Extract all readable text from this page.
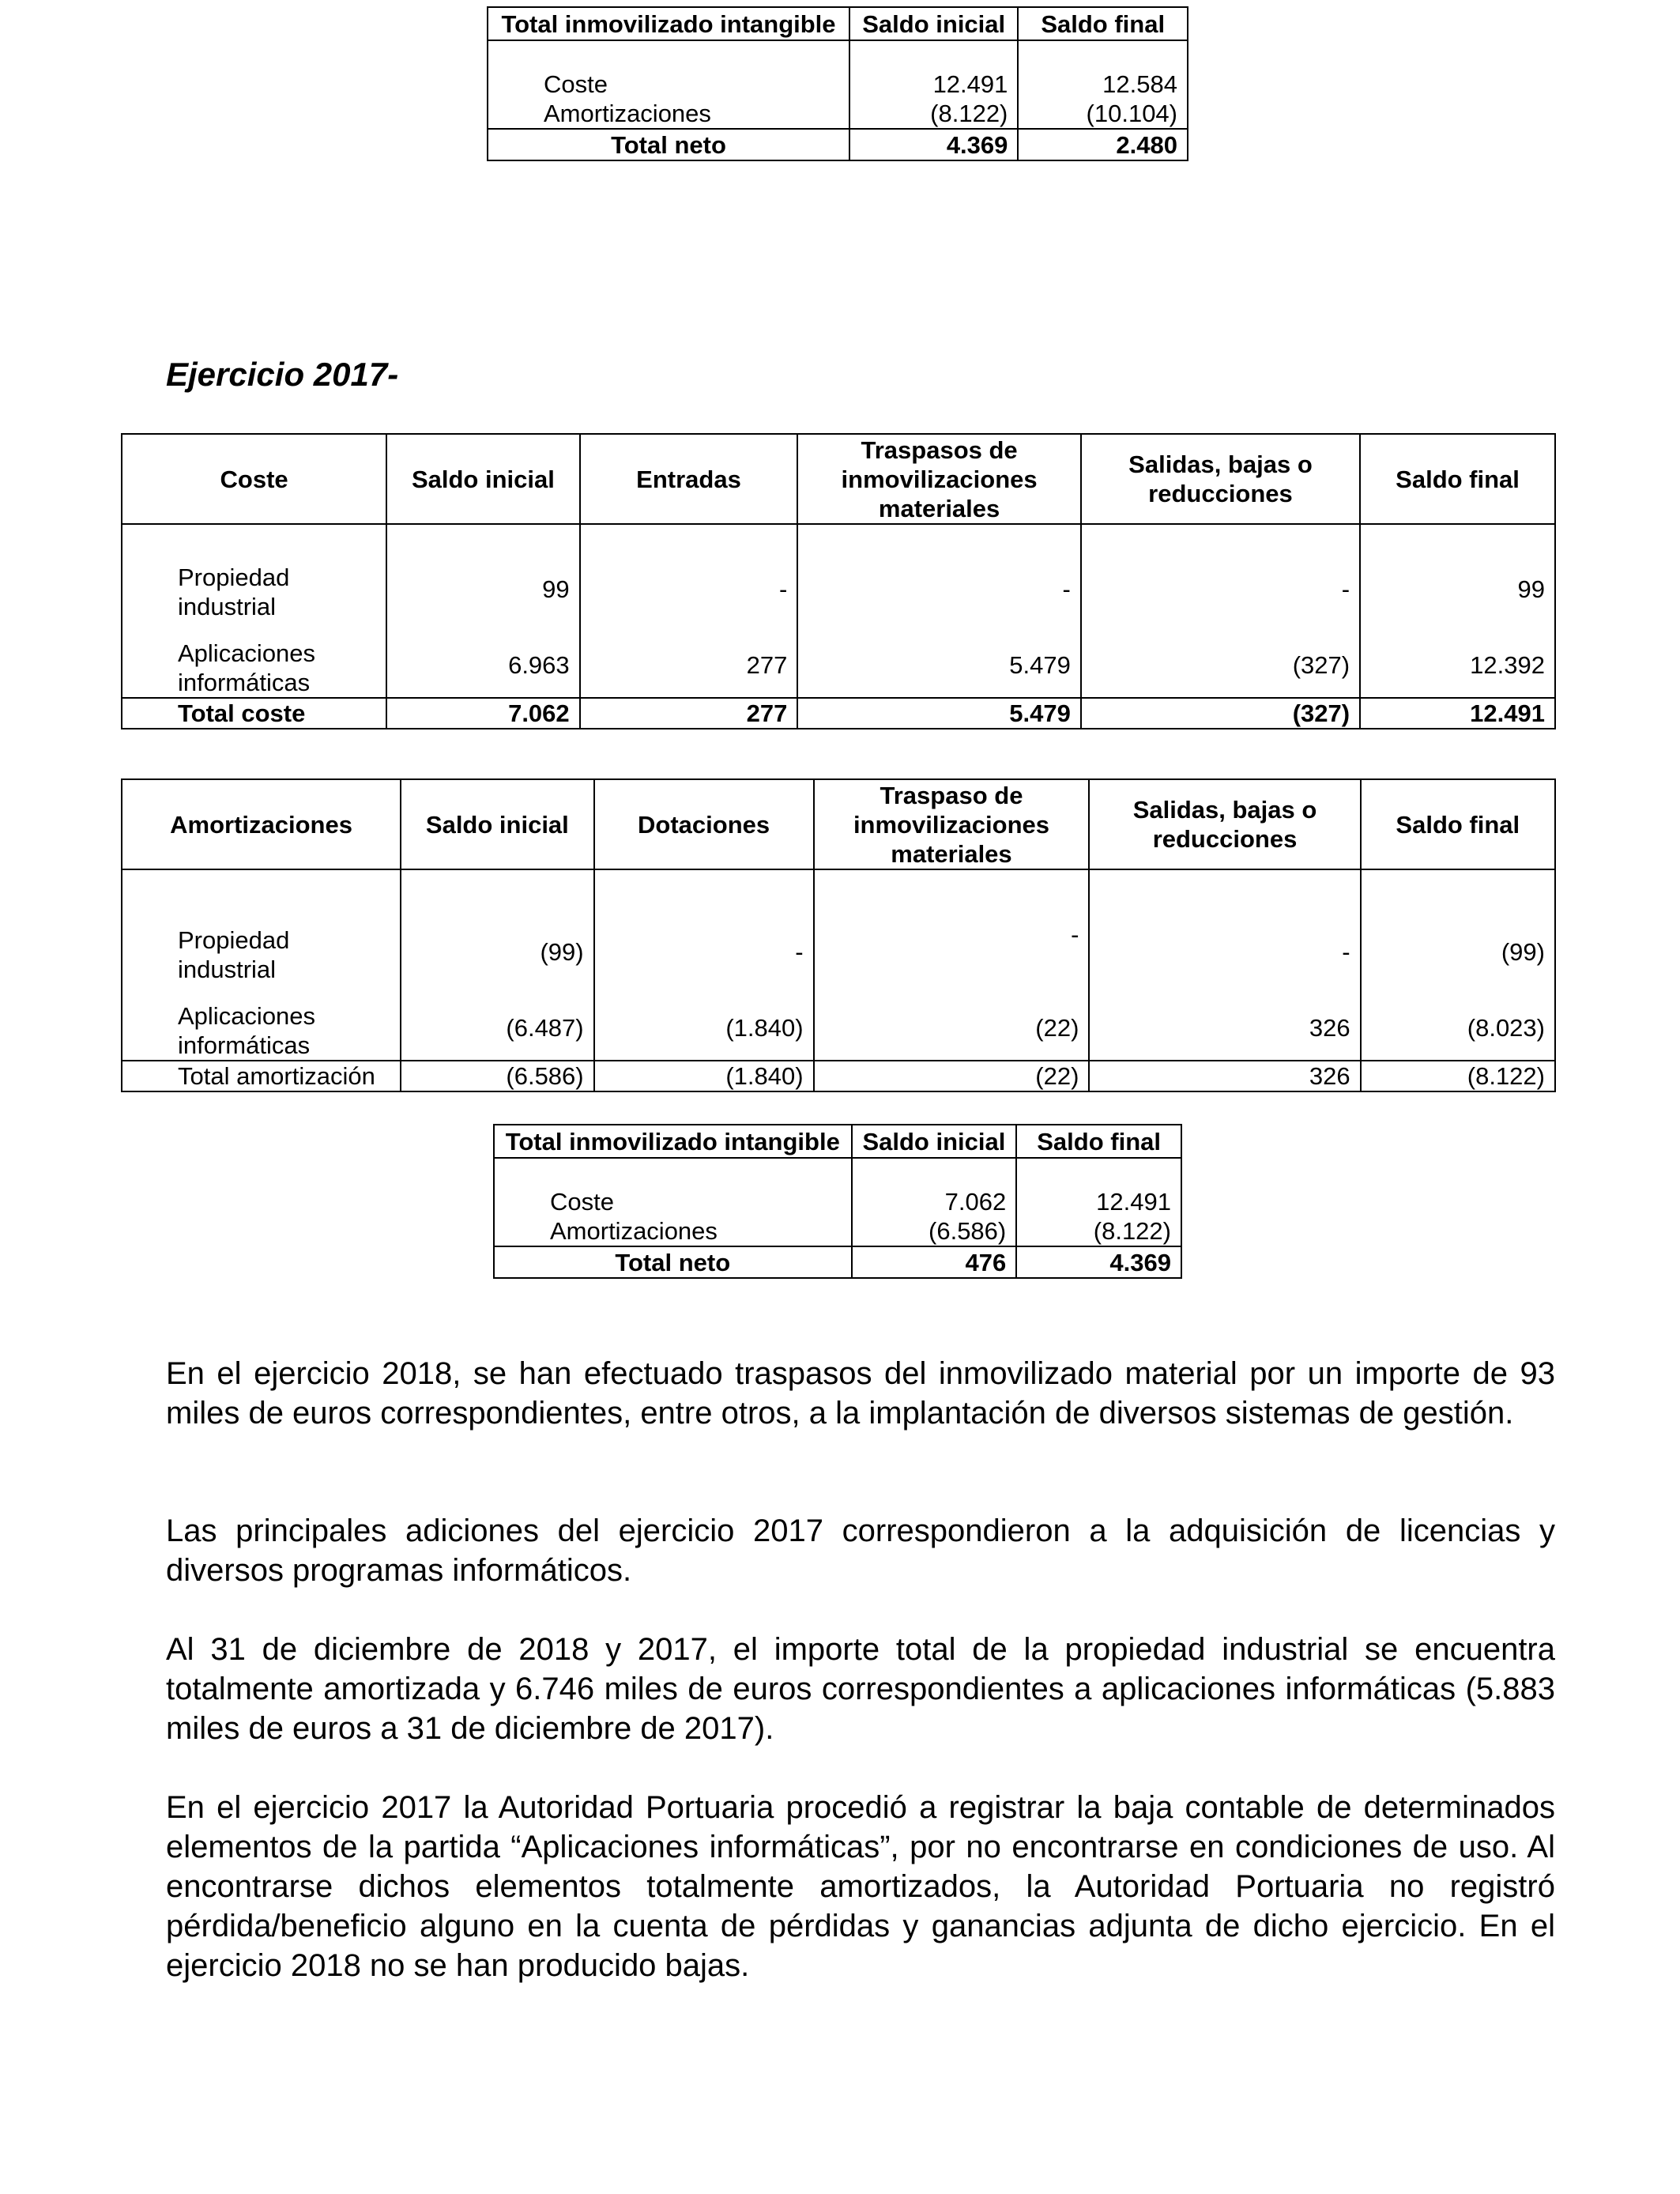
Total inmovilizado intangible	Saldo inicial	Saldo final

Coste	12.491	12.584
Amortizaciones	(8.122)	(10.104)
Total neto	4.369	2.480
Ejercicio 2017-
Coste	Saldo inicial	Entradas	Traspasos de inmovilizaciones materiales	Salidas, bajas o reducciones	Saldo final

Propiedad industrial	99	-	-	-	99
Aplicaciones informáticas	6.963	277	5.479	(327)	12.392
Total coste	7.062	277	5.479	(327)	12.491
Amortizaciones	Saldo inicial	Dotaciones	Traspaso de inmovilizaciones materiales	Salidas, bajas o reducciones	Saldo final

Propiedad industrial	(99)	-	-	-	(99)
Aplicaciones informáticas	(6.487)	(1.840)	(22)	326	(8.023)
Total amortización	(6.586)	(1.840)	(22)	326	(8.122)
Total inmovilizado intangible	Saldo inicial	Saldo final

Coste	7.062	12.491
Amortizaciones	(6.586)	(8.122)
Total neto	476	4.369

En el ejercicio 2018, se han efectuado traspasos del inmovilizado material por un importe de 93 miles de euros correspondientes, entre otros, a la implantación de diversos sistemas de gestión.

Las principales adiciones del ejercicio 2017 correspondieron a la adquisición de licencias y diversos programas informáticos.

Al 31 de diciembre de 2018 y 2017, el importe total de la propiedad industrial se encuentra totalmente amortizada y 6.746 miles de euros correspondientes a aplicaciones informáticas (5.883 miles de euros a 31 de diciembre de 2017).

En el ejercicio 2017 la Autoridad Portuaria procedió a registrar la baja contable de determinados elementos de la partida “Aplicaciones informáticas”, por no encontrarse en condiciones de uso. Al encontrarse dichos elementos totalmente amortizados, la Autoridad Portuaria no registró pérdida/beneficio alguno en la cuenta de pérdidas y ganancias adjunta de dicho ejercicio. En el ejercicio 2018 no se han producido bajas.
